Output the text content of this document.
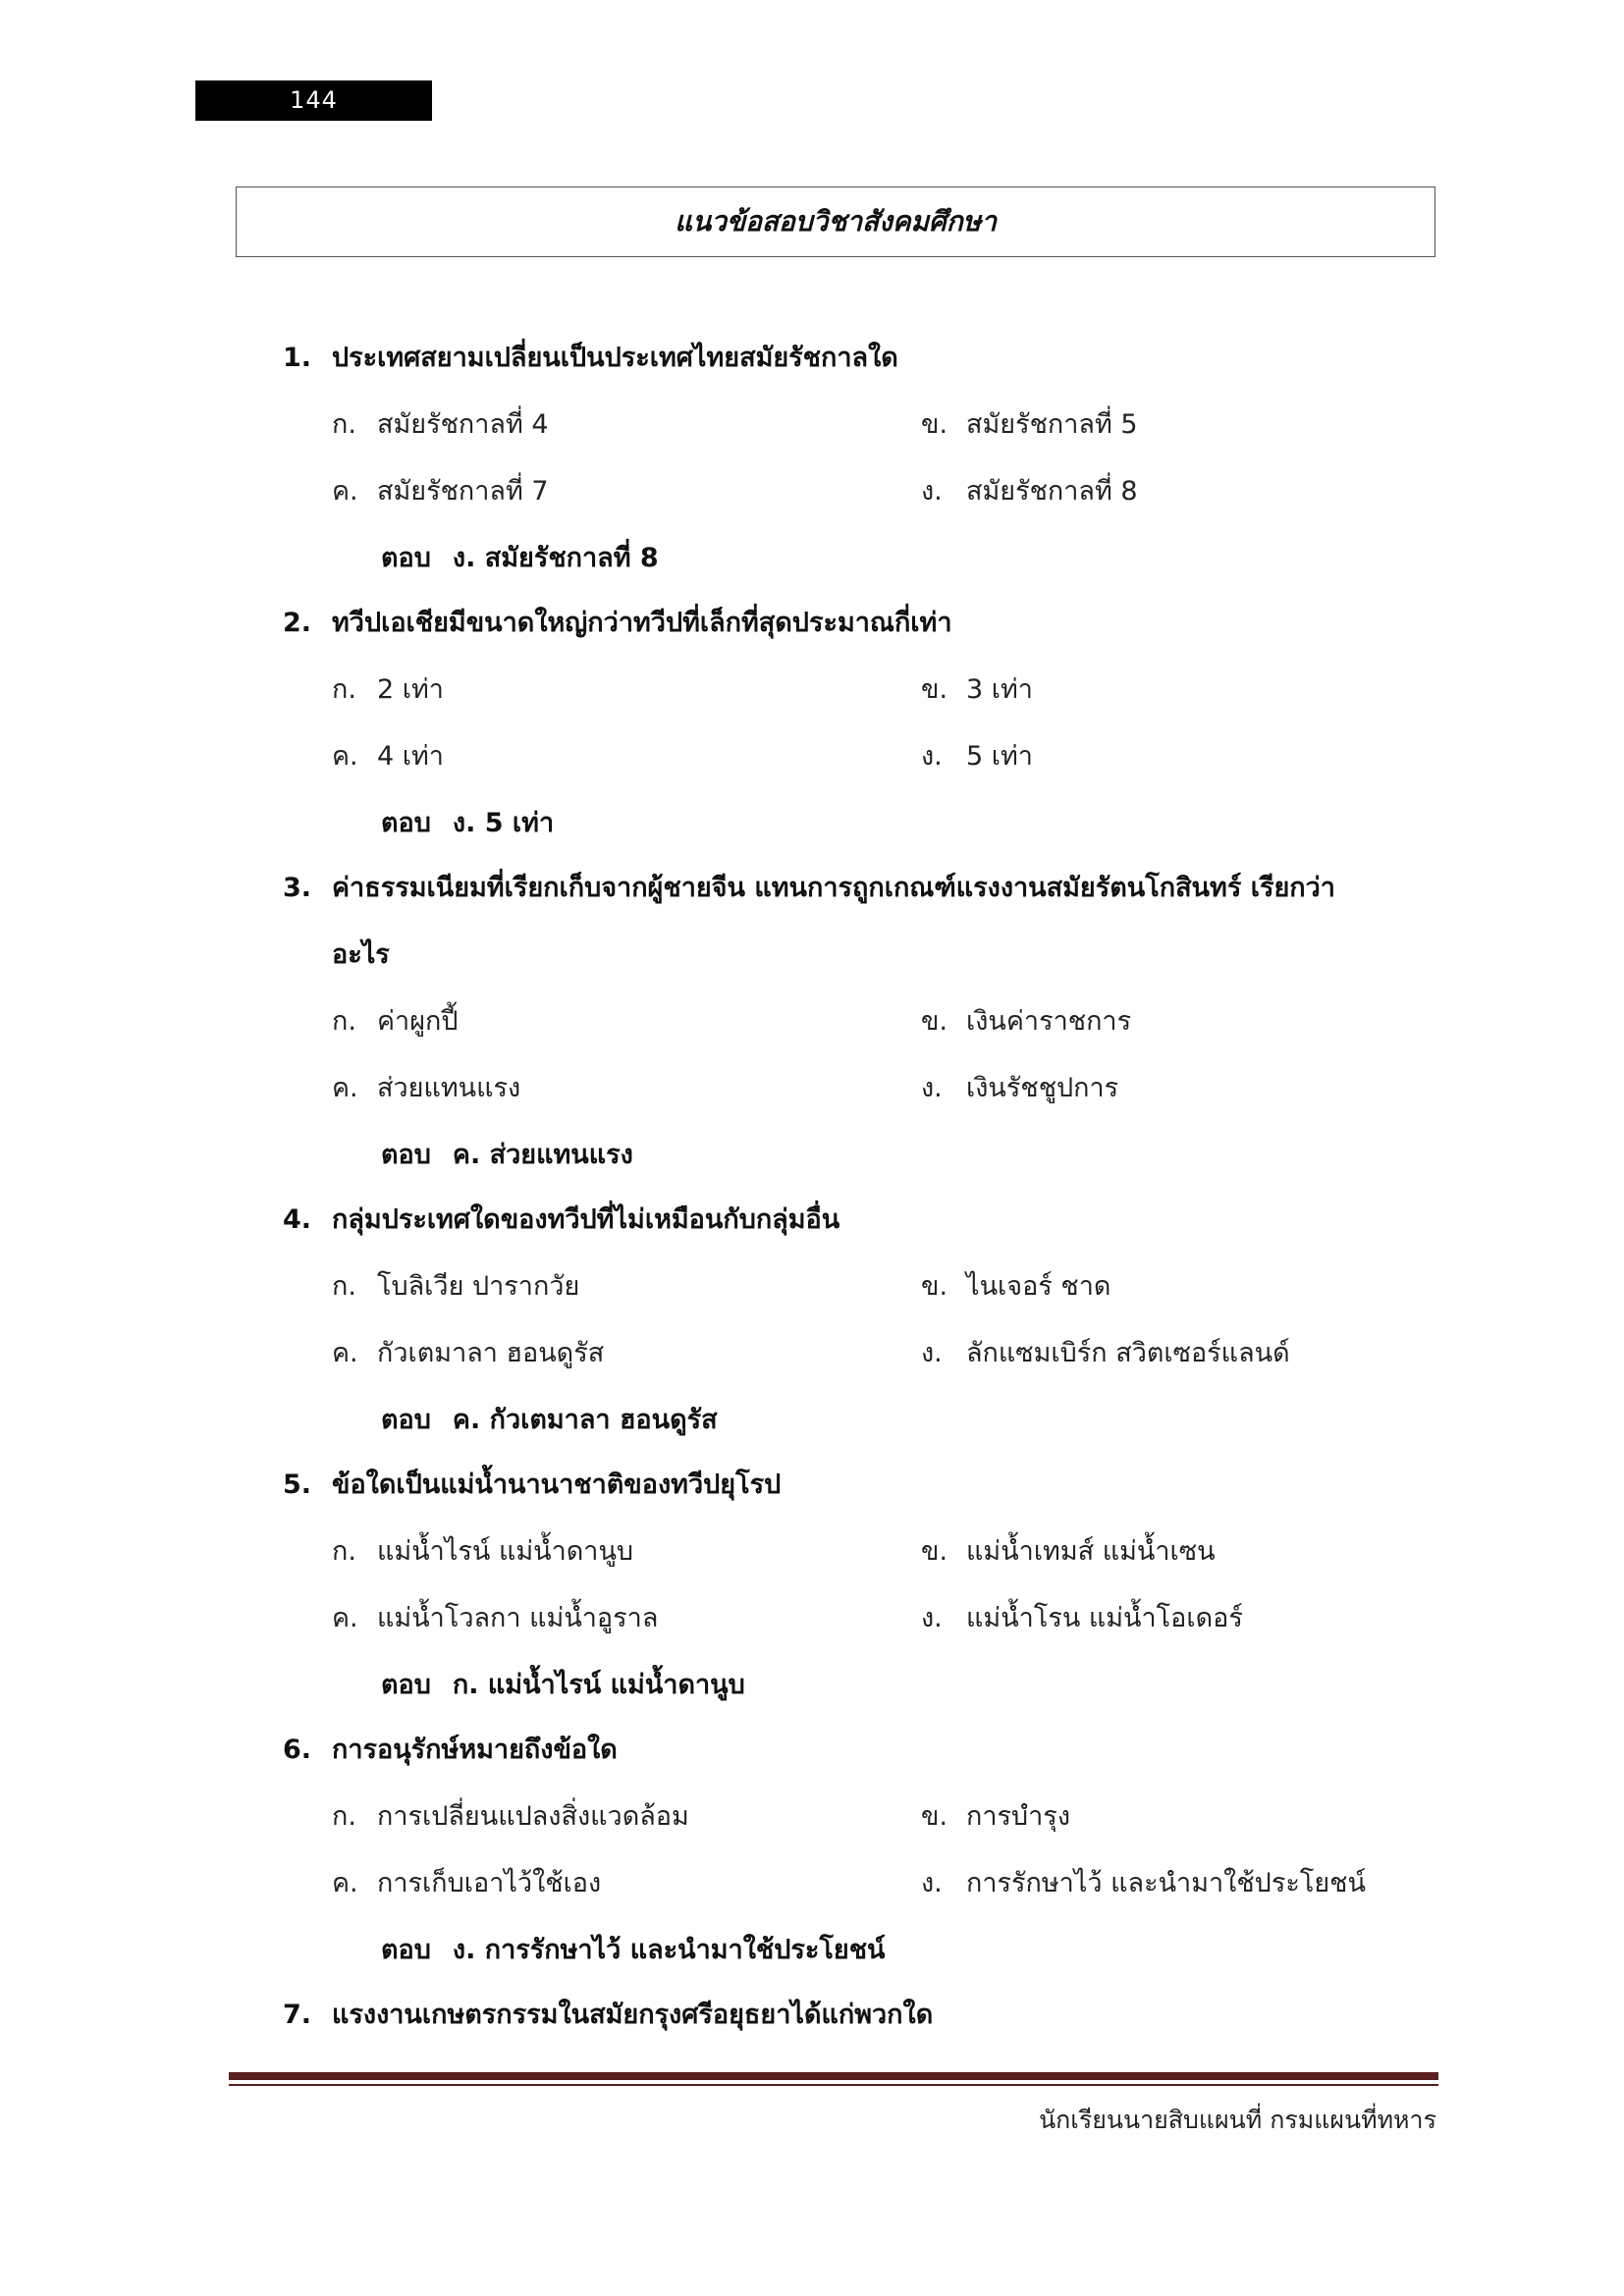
144
แนวข้อสอบวิชาสังคมศึกษา
1. ประเทศสยามเปลี่ยนเป็นประเทศไทยสมัยรัชกาลใด
ก. สมัยรัชกาลที่ 4	ข. สมัยรัชกาลที่ 5
ค. สมัยรัชกาลที่ 7	ง. สมัยรัชกาลที่ 8
ตอบ ง. สมัยรัชกาลที่ 8
2. ทวีปเอเชียมีขนาดใหญ่กว่าทวีปที่เล็กที่สุดประมาณกี่เท่า
ก. 2 เท่า	ข. 3 เท่า
ค. 4 เท่า	ง. 5 เท่า
ตอบ ง. 5 เท่า
3. ค่าธรรมเนียมที่เรียกเก็บจากผู้ชายจีน แทนการถูกเกณฑ์แรงงานสมัยรัตนโกสินทร์ เรียกว่า
อะไร
ก. ค่าผูกปี้	ข. เงินค่าราชการ
ค. ส่วยแทนแรง	ง. เงินรัชชูปการ
ตอบ ค. ส่วยแทนแรง
4. กลุ่มประเทศใดของทวีปที่ไม่เหมือนกับกลุ่มอื่น
ก. โบลิเวีย ปารากวัย	ข. ไนเจอร์ ชาด
ค. กัวเตมาลา ฮอนดูรัส	ง. ลักแซมเบิร์ก สวิตเซอร์แลนด์
ตอบ ค. กัวเตมาลา ฮอนดูรัส
5. ข้อใดเป็นแม่น้ำนานาชาติของทวีปยุโรป
ก. แม่น้ำไรน์ แม่น้ำดานูบ	ข. แม่น้ำเทมส์ แม่น้ำเซน
ค. แม่น้ำโวลกา แม่น้ำอูราล	ง. แม่น้ำโรน แม่น้ำโอเดอร์
ตอบ ก. แม่น้ำไรน์ แม่น้ำดานูบ
6. การอนุรักษ์หมายถึงข้อใด
ก. การเปลี่ยนแปลงสิ่งแวดล้อม	ข. การบำรุง
ค. การเก็บเอาไว้ใช้เอง	ง. การรักษาไว้ และนำมาใช้ประโยชน์
ตอบ ง. การรักษาไว้ และนำมาใช้ประโยชน์
7. แรงงานเกษตรกรรมในสมัยกรุงศรีอยุธยาได้แก่พวกใด
นักเรียนนายสิบแผนที่ กรมแผนที่ทหาร
